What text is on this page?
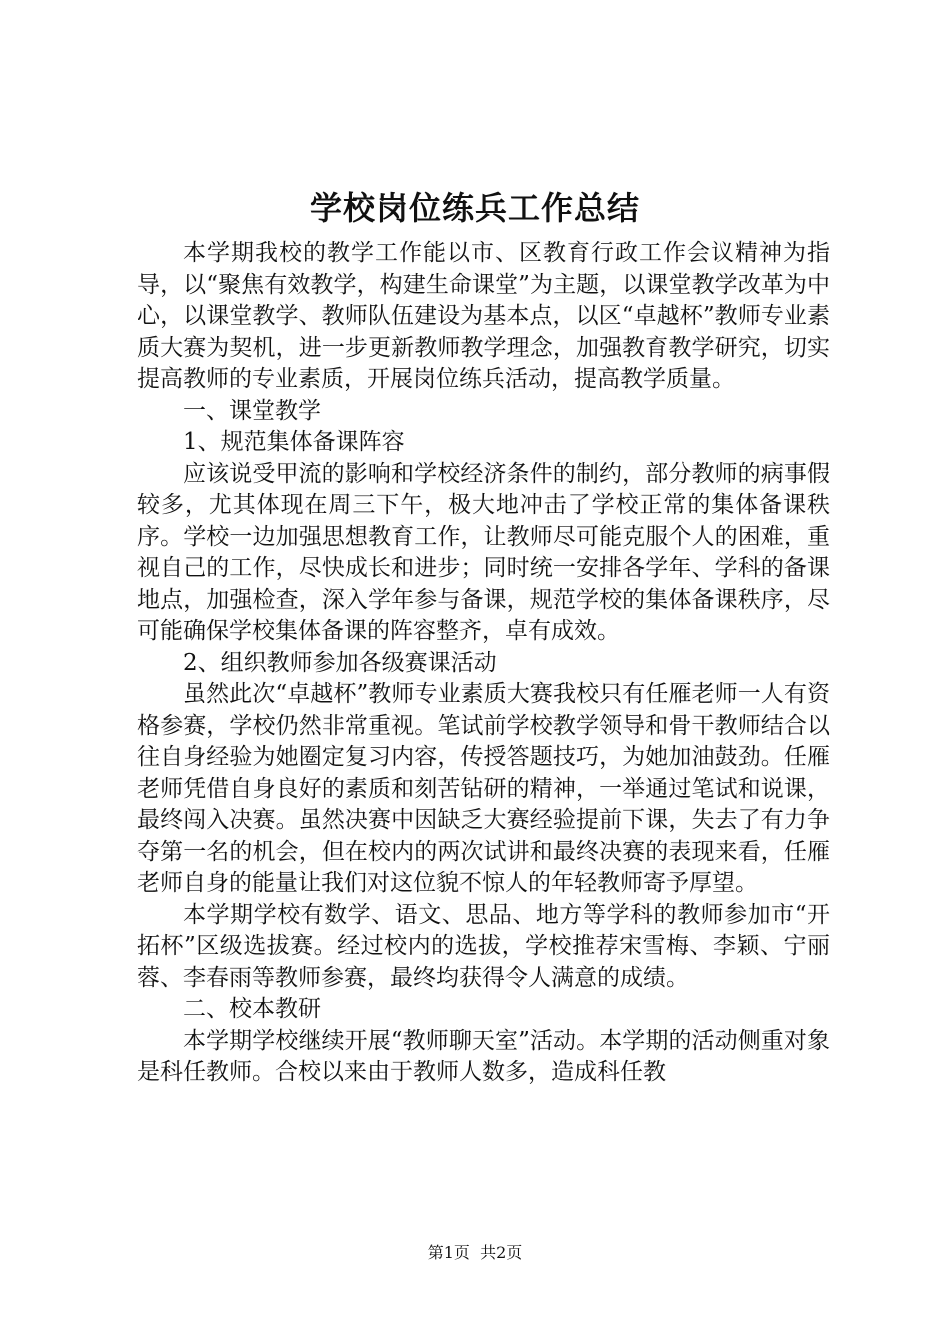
学校岗位练兵工作总结

本学期我校的教学工作能以市、区教育行政工作会议精神为指导，以“聚焦有效教学，构建生命课堂”为主题，以课堂教学改革为中心，以课堂教学、教师队伍建设为基本点，以区“卓越杯”教师专业素质大赛为契机，进一步更新教师教学理念，加强教育教学研究，切实提高教师的专业素质，开展岗位练兵活动，提高教学质量。

一、课堂教学

1、规范集体备课阵容

应该说受甲流的影响和学校经济条件的制约，部分教师的病事假较多，尤其体现在周三下午，极大地冲击了学校正常的集体备课秩序。学校一边加强思想教育工作，让教师尽可能克服个人的困难，重视自己的工作，尽快成长和进步；同时统一安排各学年、学科的备课地点，加强检查，深入学年参与备课，规范学校的集体备课秩序，尽可能确保学校集体备课的阵容整齐，卓有成效。

2、组织教师参加各级赛课活动

虽然此次“卓越杯”教师专业素质大赛我校只有任雁老师一人有资格参赛，学校仍然非常重视。笔试前学校教学领导和骨干教师结合以往自身经验为她圈定复习内容，传授答题技巧，为她加油鼓劲。任雁老师凭借自身良好的素质和刻苦钻研的精神，一举通过笔试和说课，最终闯入决赛。虽然决赛中因缺乏大赛经验提前下课，失去了有力争夺第一名的机会，但在校内的两次试讲和最终决赛的表现来看，任雁老师自身的能量让我们对这位貌不惊人的年轻教师寄予厚望。

本学期学校有数学、语文、思品、地方等学科的教师参加市“开拓杯”区级选拔赛。经过校内的选拔，学校推荐宋雪梅、李颖、宁丽蓉、李春雨等教师参赛，最终均获得令人满意的成绩。

二、校本教研

本学期学校继续开展“教师聊天室”活动。本学期的活动侧重对象是科任教师。合校以来由于教师人数多，造成科任教

第1页 共2页
